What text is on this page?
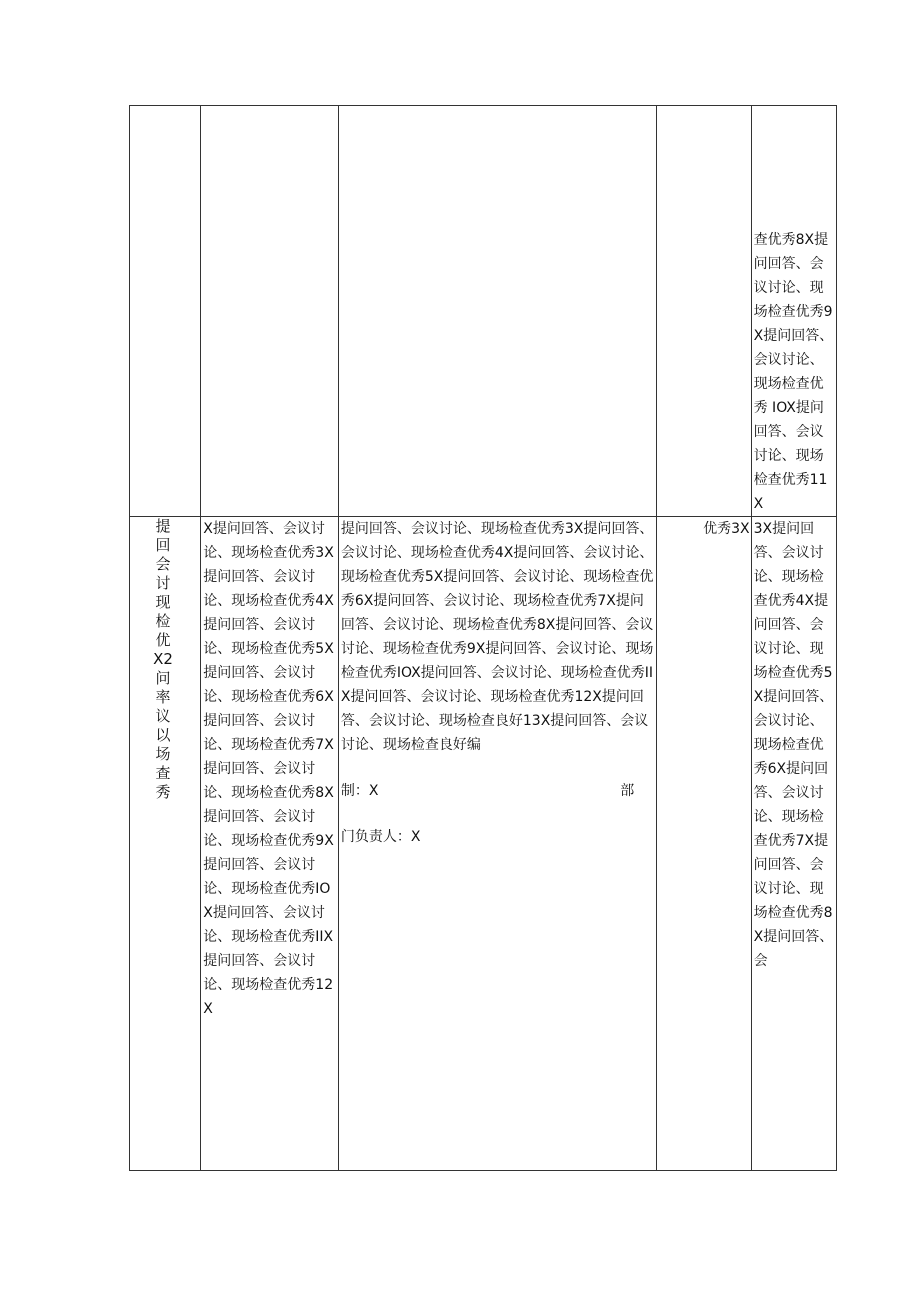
				查优秀8X提问回答、会议讨论、现场检查优秀9X提问回答、会议讨论、现场检查优秀 IOX提问回答、会议讨论、现场检查优秀11X

提回会讨现检优X2问率议以场查秀	X提问回答、会议讨论、现场检查优秀3X提问回答、会议讨论、现场检查优秀4X提问回答、会议讨论、现场检查优秀5X提问回答、会议讨论、现场检查优秀6X提问回答、会议讨论、现场检查优秀7X提问回答、会议讨论、现场检查优秀8X提问回答、会议讨论、现场检查优秀9X提问回答、会议讨论、现场检查优秀IOX提问回答、会议讨论、现场检查优秀IIX提问回答、会议讨论、现场检查优秀12X	提问回答、会议讨论、现场检查优秀3X提问回答、会议讨论、现场检查优秀4X提问回答、会议讨论、现场检查优秀5X提问回答、会议讨论、现场检查优秀6X提问回答、会议讨论、现场检查优秀7X提问回答、会议讨论、现场检查优秀8X提问回答、会议讨论、现场检查优秀9X提问回答、会议讨论、现场检查优秀IOX提问回答、会议讨论、现场检查优秀IIX提问回答、会议讨论、现场检查优秀12X提问回答、会议讨论、现场检查良好13X提问回答、会议讨论、现场检查良好编
制：X 部
门负责人：X	优秀3X	3X提问回答、会议讨论、现场检查优秀4X提问回答、会议讨论、现场检查优秀5X提问回答、会议讨论、现场检查优秀6X提问回答、会议讨论、现场检查优秀7X提问回答、会议讨论、现场检查优秀8X提问回答、会
